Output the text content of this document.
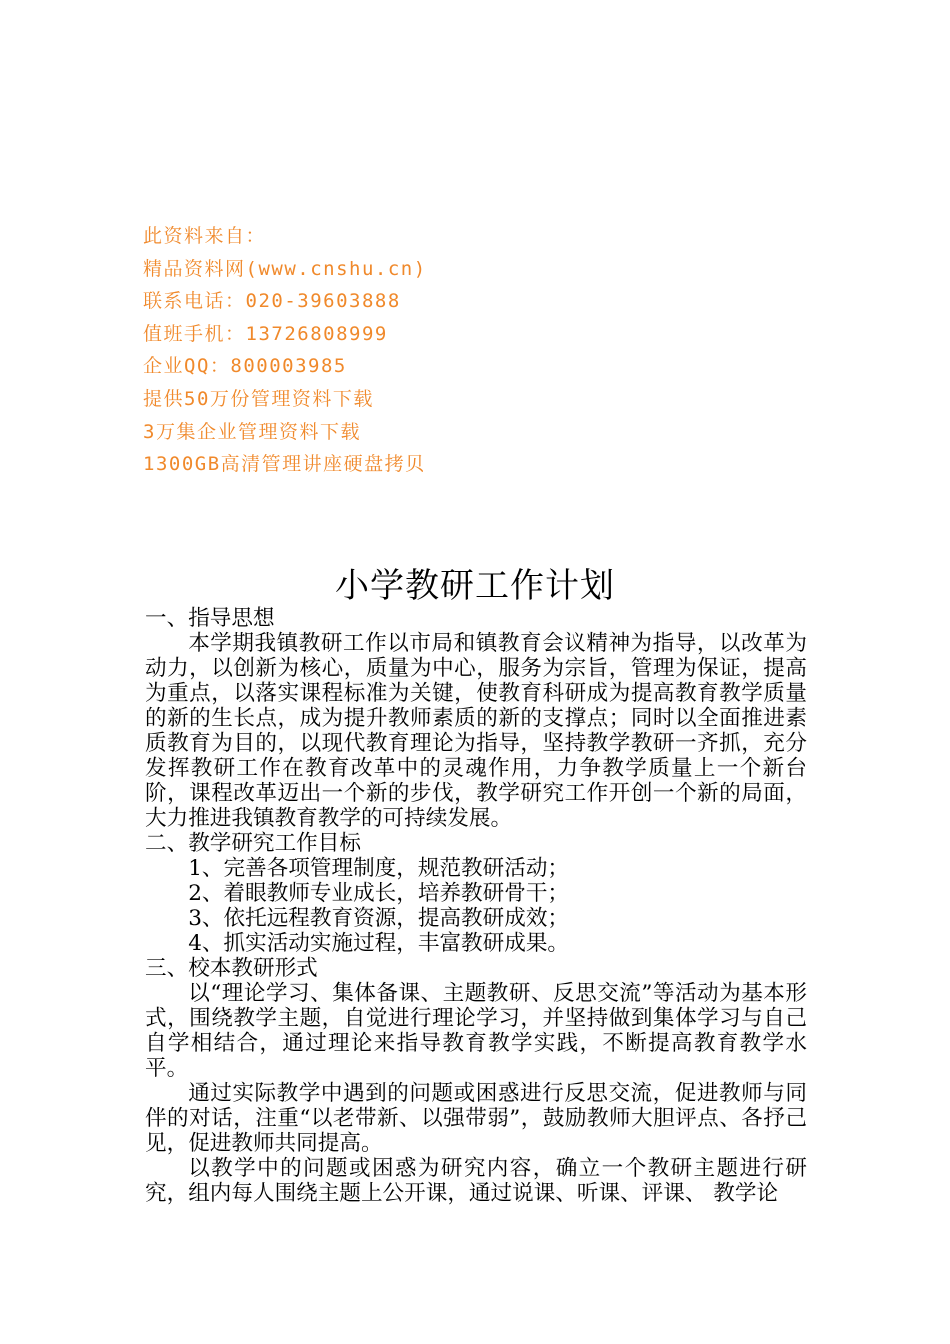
此资料来自：
精品资料网(www.cnshu.cn)
联系电话：020-39603888
值班手机：13726808999
企业QQ：800003985
提供50万份管理资料下载
3万集企业管理资料下载
1300GB高清管理讲座硬盘拷贝
小学教研工作计划
一、指导思想
本学期我镇教研工作以市局和镇教育会议精神为指导，以改革为动力，以创新为核心，质量为中心，服务为宗旨，管理为保证，提高为重点，以落实课程标准为关键，使教育科研成为提高教育教学质量的新的生长点，成为提升教师素质的新的支撑点；同时以全面推进素质教育为目的，以现代教育理论为指导，坚持教学教研一齐抓，充分发挥教研工作在教育改革中的灵魂作用，力争教学质量上一个新台阶，课程改革迈出一个新的步伐，教学研究工作开创一个新的局面，大力推进我镇教育教学的可持续发展。
二、教学研究工作目标
1、完善各项管理制度，规范教研活动；
2、着眼教师专业成长，培养教研骨干；
3、依托远程教育资源，提高教研成效；
4、抓实活动实施过程，丰富教研成果。
三、校本教研形式
以“理论学习、集体备课、主题教研、反思交流”等活动为基本形式，围绕教学主题，自觉进行理论学习，并坚持做到集体学习与自己自学相结合，通过理论来指导教育教学实践，不断提高教育教学水平。
通过实际教学中遇到的问题或困惑进行反思交流，促进教师与同伴的对话，注重“以老带新、以强带弱”，鼓励教师大胆评点、各抒己见，促进教师共同提高。
以教学中的问题或困惑为研究内容，确立一个教研主题进行研究，组内每人围绕主题上公开课，通过说课、听课、评课、 教学论
